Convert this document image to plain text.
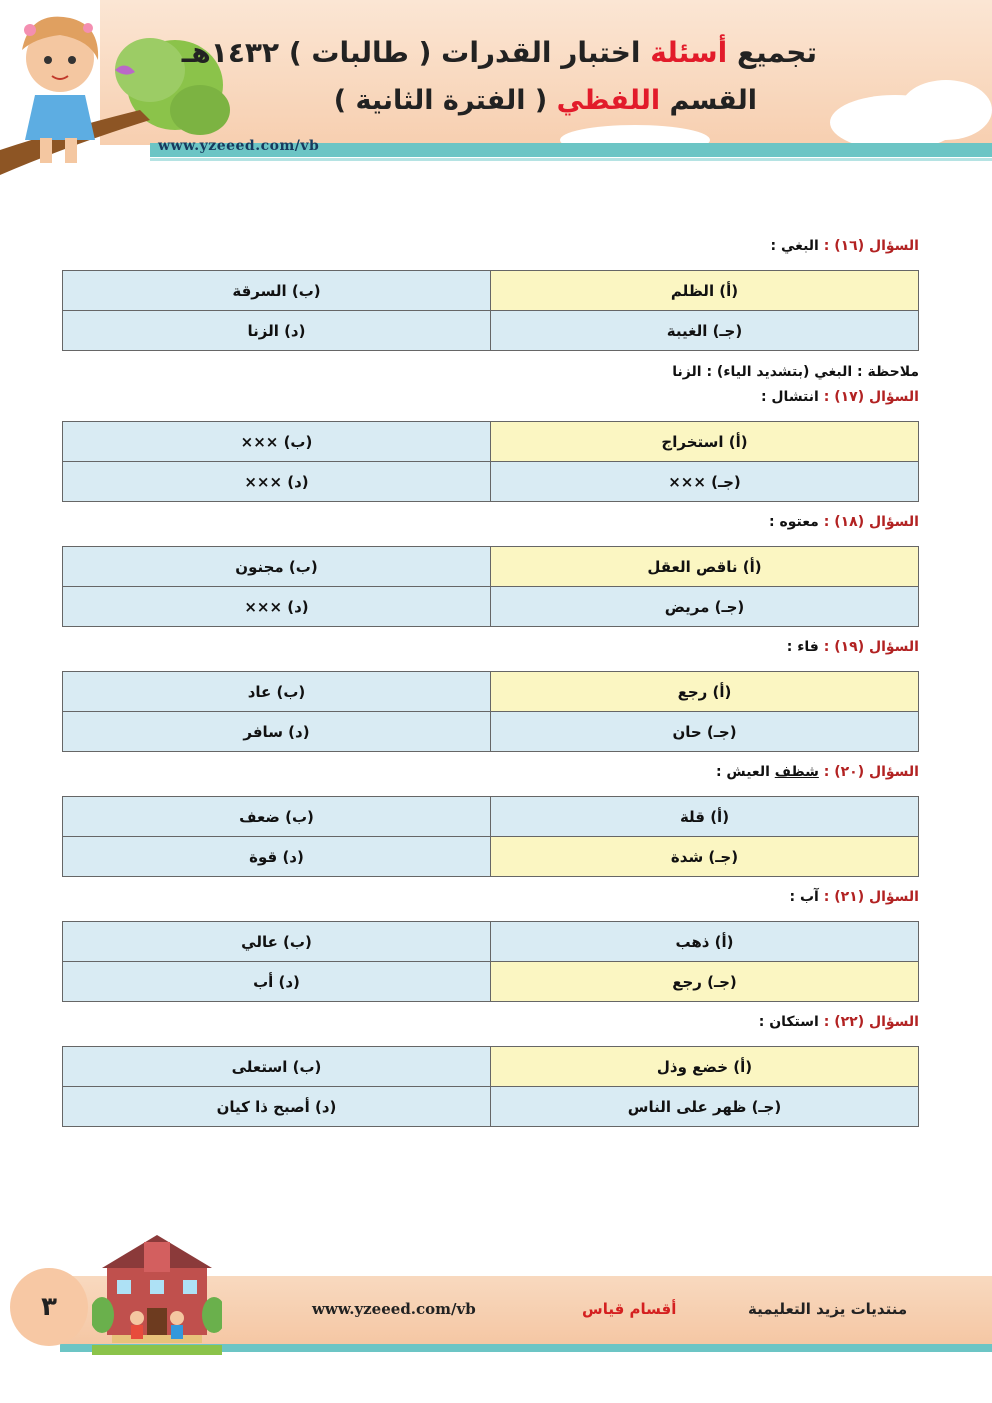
تجميع أسئلة اختبار القدرات ( طالبات ) ١٤٣٢هـ
القسم اللفظي ( الفترة الثانية )
www.yzeeed.com/vb
السؤال (١٦) : البغي :
(أ) الظلم	(ب) السرقة
(جـ) الغيبة	(د) الزنا
ملاحظة : البغي (بتشديد الياء) : الزنا
السؤال (١٧) : انتشال :
(أ) استخراج	(ب) ×××
(جـ) ×××	(د) ×××
السؤال (١٨) : معتوه :
(أ) ناقص العقل	(ب) مجنون
(جـ) مريض	(د) ×××
السؤال (١٩) : فاء :
(أ) رجع	(ب) عاد
(جـ) حان	(د) سافر
السؤال (٢٠) : شظف العيش :
(أ) قلة	(ب) ضعف
(جـ) شدة	(د) قوة
السؤال (٢١) : آب :
(أ) ذهب	(ب) عالي
(جـ) رجع	(د) أب
السؤال (٢٢) : استكان :
(أ) خضع وذل	(ب) استعلى
(جـ) ظهر على الناس	(د) أصبح ذا كيان
٣	www.yzeeed.com/vb	أقسام قياس	منتديات يزيد التعليمية
